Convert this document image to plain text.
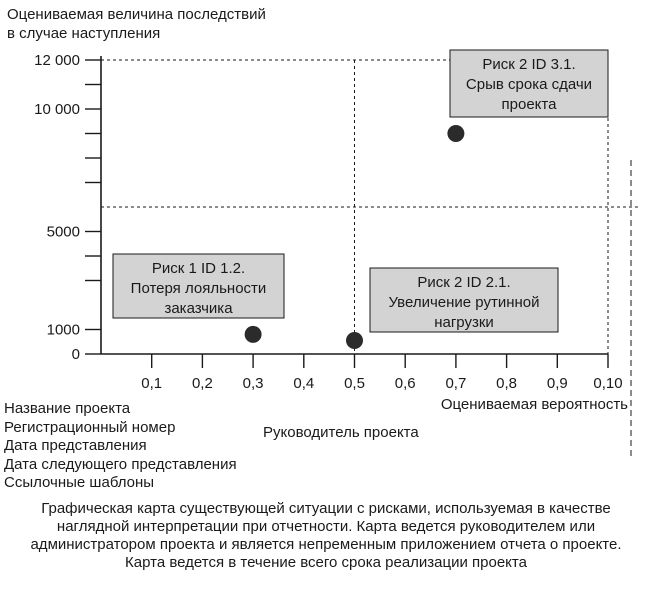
Оцениваемая величина последствий
в случае наступления
0
1000
5000
10 000
12 000
0,1 0,2 0,3 0,4 0,5 0,6 0,7 0,8 0,9 0,10
Оцениваемая вероятность
Риск 1 ID 1.2.
Потеря лояльности
заказчика
Риск 2 ID 2.1.
Увеличение рутинной
нагрузки
Риск 2 ID 3.1.
Срыв срока сдачи
проекта
Название проекта
Регистрационный номер
Дата представления
Дата следующего представления
Ссылочные шаблоны
Руководитель проекта
Графическая карта существующей ситуации с рисками, используемая в качестве наглядной интерпретации при отчетности. Карта ведется руководителем или администратором проекта и является непременным приложением отчета о проекте. Карта ведется в течение всего срока реализации проекта
